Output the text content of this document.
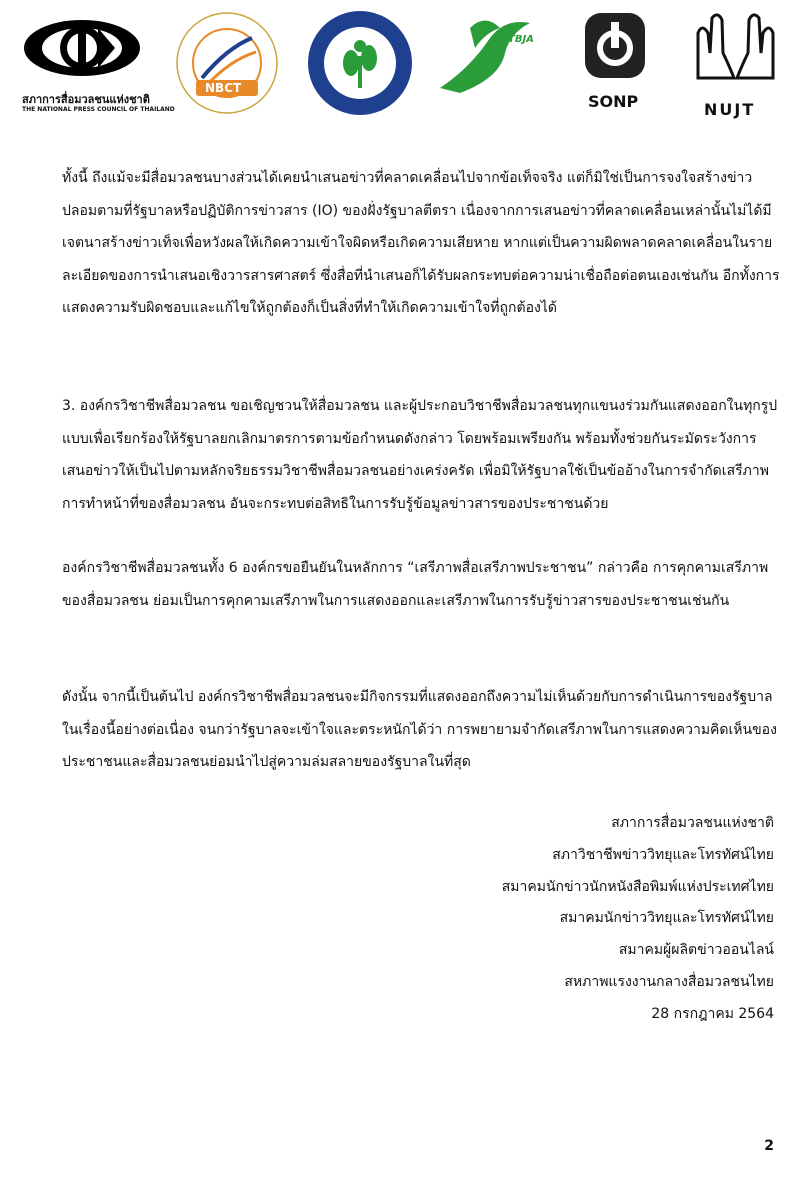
สภาการสื่อมวลชนแห่งชาติ
THE NATIONAL PRESS COUNCIL OF THAILAND
NBCT
TBJA
SONP	NUJT

ทั้งนี้ ถึงแม้จะมีสื่อมวลชนบางส่วนได้เคยนำเสนอข่าวที่คลาดเคลื่อนไปจากข้อเท็จจริง แต่ก็มิใช่เป็นการจงใจสร้างข่าวปลอมตามที่รัฐบาลหรือปฏิบัติการข่าวสาร (IO) ของฝั่งรัฐบาลตีตรา เนื่องจากการเสนอข่าวที่คลาดเคลื่อนเหล่านั้นไม่ได้มีเจตนาสร้างข่าวเท็จเพื่อหวังผลให้เกิดความเข้าใจผิดหรือเกิดความเสียหาย หากแต่เป็นความผิดพลาดคลาดเคลื่อนในรายละเอียดของการนำเสนอเชิงวารสารศาสตร์ ซึ่งสื่อที่นำเสนอก็ได้รับผลกระทบต่อความน่าเชื่อถือต่อตนเองเช่นกัน อีกทั้งการแสดงความรับผิดชอบและแก้ไขให้ถูกต้องก็เป็นสิ่งที่ทำให้เกิดความเข้าใจที่ถูกต้องได้

3. องค์กรวิชาชีพสื่อมวลชน ขอเชิญชวนให้สื่อมวลชน และผู้ประกอบวิชาชีพสื่อมวลชนทุกแขนงร่วมกันแสดงออกในทุกรูปแบบเพื่อเรียกร้องให้รัฐบาลยกเลิกมาตรการตามข้อกำหนดดังกล่าว โดยพร้อมเพรียงกัน พร้อมทั้งช่วยกันระมัดระวังการเสนอข่าวให้เป็นไปตามหลักจริยธรรมวิชาชีพสื่อมวลชนอย่างเคร่งครัด เพื่อมิให้รัฐบาลใช้เป็นข้ออ้างในการจำกัดเสรีภาพการทำหน้าที่ของสื่อมวลชน อันจะกระทบต่อสิทธิในการรับรู้ข้อมูลข่าวสารของประชาชนด้วย

องค์กรวิชาชีพสื่อมวลชนทั้ง 6 องค์กรขอยืนยันในหลักการ “เสรีภาพสื่อเสรีภาพประชาชน” กล่าวคือ การคุกคามเสรีภาพของสื่อมวลชน ย่อมเป็นการคุกคามเสรีภาพในการแสดงออกและเสรีภาพในการรับรู้ข่าวสารของประชาชนเช่นกัน

ดังนั้น จากนี้เป็นต้นไป องค์กรวิชาชีพสื่อมวลชนจะมีกิจกรรมที่แสดงออกถึงความไม่เห็นด้วยกับการดำเนินการของรัฐบาลในเรื่องนี้อย่างต่อเนื่อง จนกว่ารัฐบาลจะเข้าใจและตระหนักได้ว่า การพยายามจำกัดเสรีภาพในการแสดงความคิดเห็นของประชาชนและสื่อมวลชนย่อมนำไปสู่ความล่มสลายของรัฐบาลในที่สุด

สภาการสื่อมวลชนแห่งชาติ
สภาวิชาชีพข่าววิทยุและโทรทัศน์ไทย
สมาคมนักข่าวนักหนังสือพิมพ์แห่งประเทศไทย
สมาคมนักข่าววิทยุและโทรทัศน์ไทย
สมาคมผู้ผลิตข่าวออนไลน์
สหภาพแรงงานกลางสื่อมวลชนไทย
28 กรกฎาคม 2564
2
